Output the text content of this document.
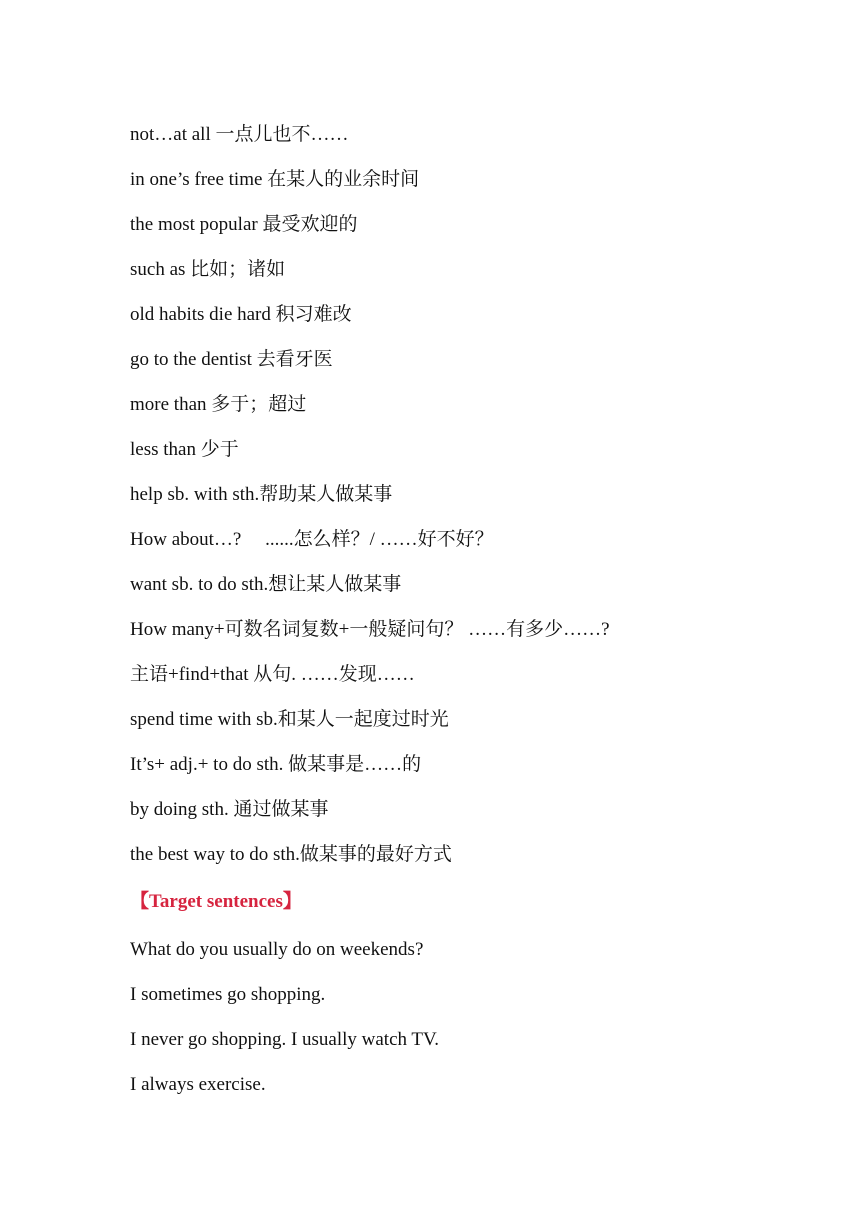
not…at all 一点儿也不……
in one’s free time 在某人的业余时间
the most popular 最受欢迎的
such as 比如；诸如
old habits die hard 积习难改
go to the dentist 去看牙医
more than 多于；超过
less than 少于
help sb. with sth.帮助某人做某事
How about…?     ......怎么样？/ ……好不好？
want sb. to do sth.想让某人做某事
How many+可数名词复数+一般疑问句？ ……有多少……?
主语+find+that 从句. ……发现……
spend time with sb.和某人一起度过时光
It’s+ adj.+ to do sth. 做某事是……的
by doing sth. 通过做某事
the best way to do sth.做某事的最好方式
【Target sentences】
What do you usually do on weekends?
I sometimes go shopping.
I never go shopping. I usually watch TV.
I always exercise.
